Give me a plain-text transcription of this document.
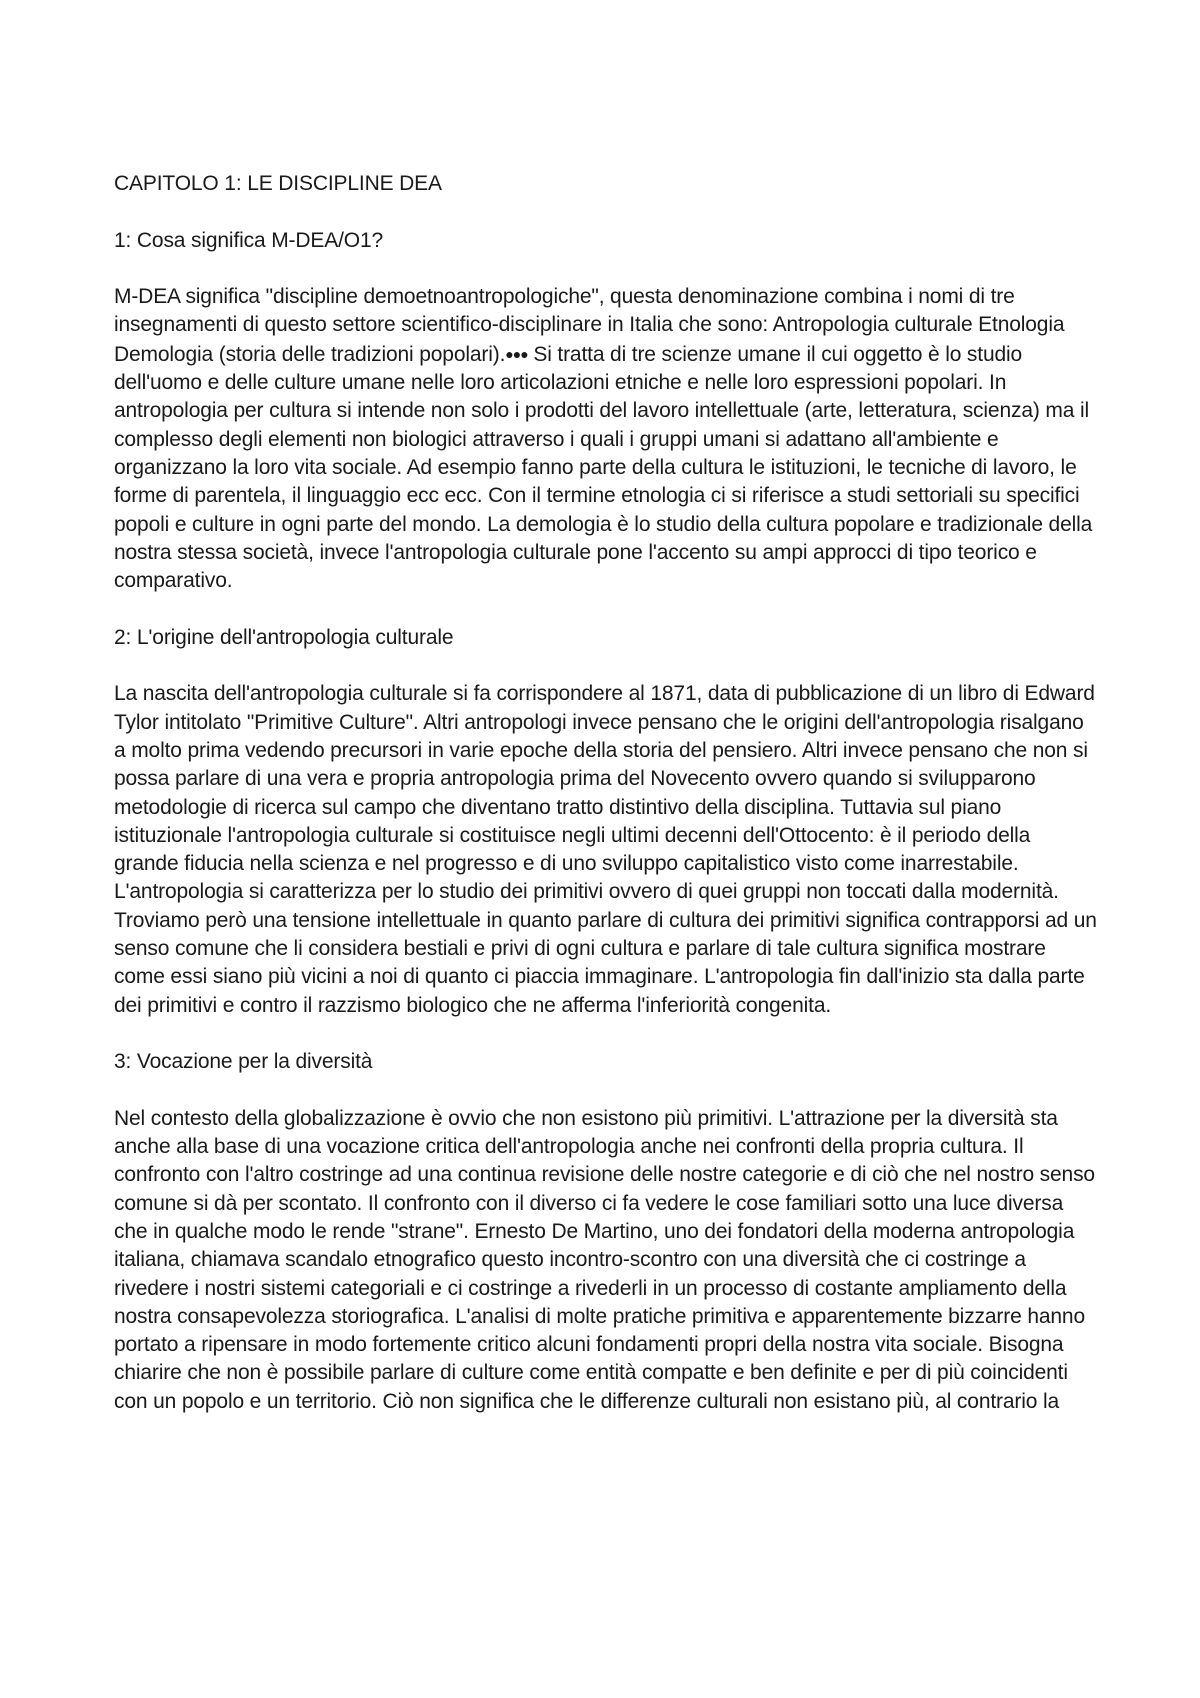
CAPITOLO 1: LE DISCIPLINE DEA
1: Cosa significa M-DEA/O1?

M-DEA significa "discipline demoetnoantropologiche", questa denominazione combina i nomi di tre insegnamenti di questo settore scientifico-disciplinare in Italia che sono: Antropologia culturale Etnologia Demologia (storia delle tradizioni popolari).●●● Si tratta di tre scienze umane il cui oggetto è lo studio dell'uomo e delle culture umane nelle loro articolazioni etniche e nelle loro espressioni popolari. In antropologia per cultura si intende non solo i prodotti del lavoro intellettuale (arte, letteratura, scienza) ma il complesso degli elementi non biologici attraverso i quali i gruppi umani si adattano all'ambiente e organizzano la loro vita sociale. Ad esempio fanno parte della cultura le istituzioni, le tecniche di lavoro, le forme di parentela, il linguaggio ecc ecc. Con il termine etnologia ci si riferisce a studi settoriali su specifici popoli e culture in ogni parte del mondo. La demologia è lo studio della cultura popolare e tradizionale della nostra stessa società, invece l'antropologia culturale pone l'accento su ampi approcci di tipo teorico e comparativo.

2: L'origine dell'antropologia culturale

La nascita dell'antropologia culturale si fa corrispondere al 1871, data di pubblicazione di un libro di Edward Tylor intitolato "Primitive Culture". Altri antropologi invece pensano che le origini dell'antropologia risalgano a molto prima vedendo precursori in varie epoche della storia del pensiero. Altri invece pensano che non si possa parlare di una vera e propria antropologia prima del Novecento ovvero quando si svilupparono metodologie di ricerca sul campo che diventano tratto distintivo della disciplina. Tuttavia sul piano istituzionale l'antropologia culturale si costituisce negli ultimi decenni dell'Ottocento: è il periodo della grande fiducia nella scienza e nel progresso e di uno sviluppo capitalistico visto come inarrestabile. L'antropologia si caratterizza per lo studio dei primitivi ovvero di quei gruppi non toccati dalla modernità. Troviamo però una tensione intellettuale in quanto parlare di cultura dei primitivi significa contrapporsi ad un senso comune che li considera bestiali e privi di ogni cultura e parlare di tale cultura significa mostrare come essi siano più vicini a noi di quanto ci piaccia immaginare. L'antropologia fin dall'inizio sta dalla parte dei primitivi e contro il razzismo biologico che ne afferma l'inferiorità congenita.

3: Vocazione per la diversità

Nel contesto della globalizzazione è ovvio che non esistono più primitivi. L'attrazione per la diversità sta anche alla base di una vocazione critica dell'antropologia anche nei confronti della propria cultura. Il confronto con l'altro costringe ad una continua revisione delle nostre categorie e di ciò che nel nostro senso comune si dà per scontato. Il confronto con il diverso ci fa vedere le cose familiari sotto una luce diversa che in qualche modo le rende "strane". Ernesto De Martino, uno dei fondatori della moderna antropologia italiana, chiamava scandalo etnografico questo incontro-scontro con una diversità che ci costringe a rivedere i nostri sistemi categoriali e ci costringe a rivederli in un processo di costante ampliamento della nostra consapevolezza storiografica. L'analisi di molte pratiche primitiva e apparentemente bizzarre hanno portato a ripensare in modo fortemente critico alcuni fondamenti propri della nostra vita sociale. Bisogna chiarire che non è possibile parlare di culture come entità compatte e ben definite e per di più coincidenti con un popolo e un territorio. Ciò non significa che le differenze culturali non esistano più, al contrario la
